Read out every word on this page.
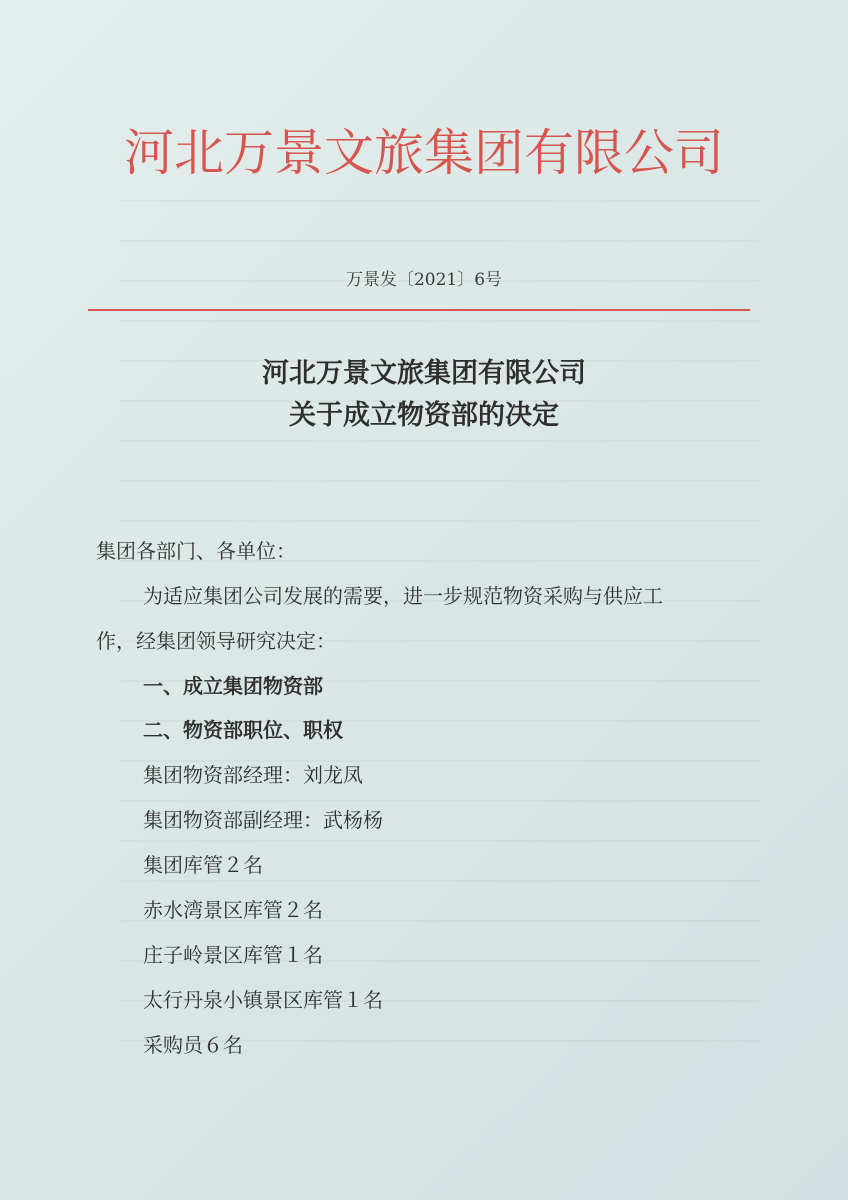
河北万景文旅集团有限公司
万景发〔2021〕6号
河北万景文旅集团有限公司
关于成立物资部的决定
集团各部门、各单位：
为适应集团公司发展的需要，进一步规范物资采购与供应工
作，经集团领导研究决定：
一、成立集团物资部
二、物资部职位、职权
集团物资部经理：刘龙凤
集团物资部副经理：武杨杨
集团库管２名
赤水湾景区库管２名
庄子岭景区库管１名
太行丹泉小镇景区库管１名
采购员６名
